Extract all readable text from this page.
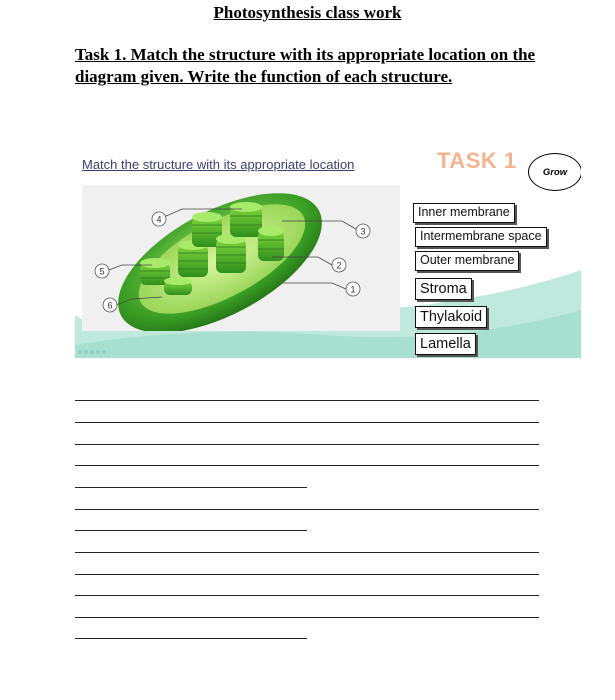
Photosynthesis class work
Task 1. Match the structure with its appropriate location on the diagram given. Write the function of each structure.
Match the structure with its appropriate location	TASK 1	Grow
1
2
3
4
5
6
Inner membrane
Intermembrane space
Outer membrane
Stroma
Thylakoid
Lamella
